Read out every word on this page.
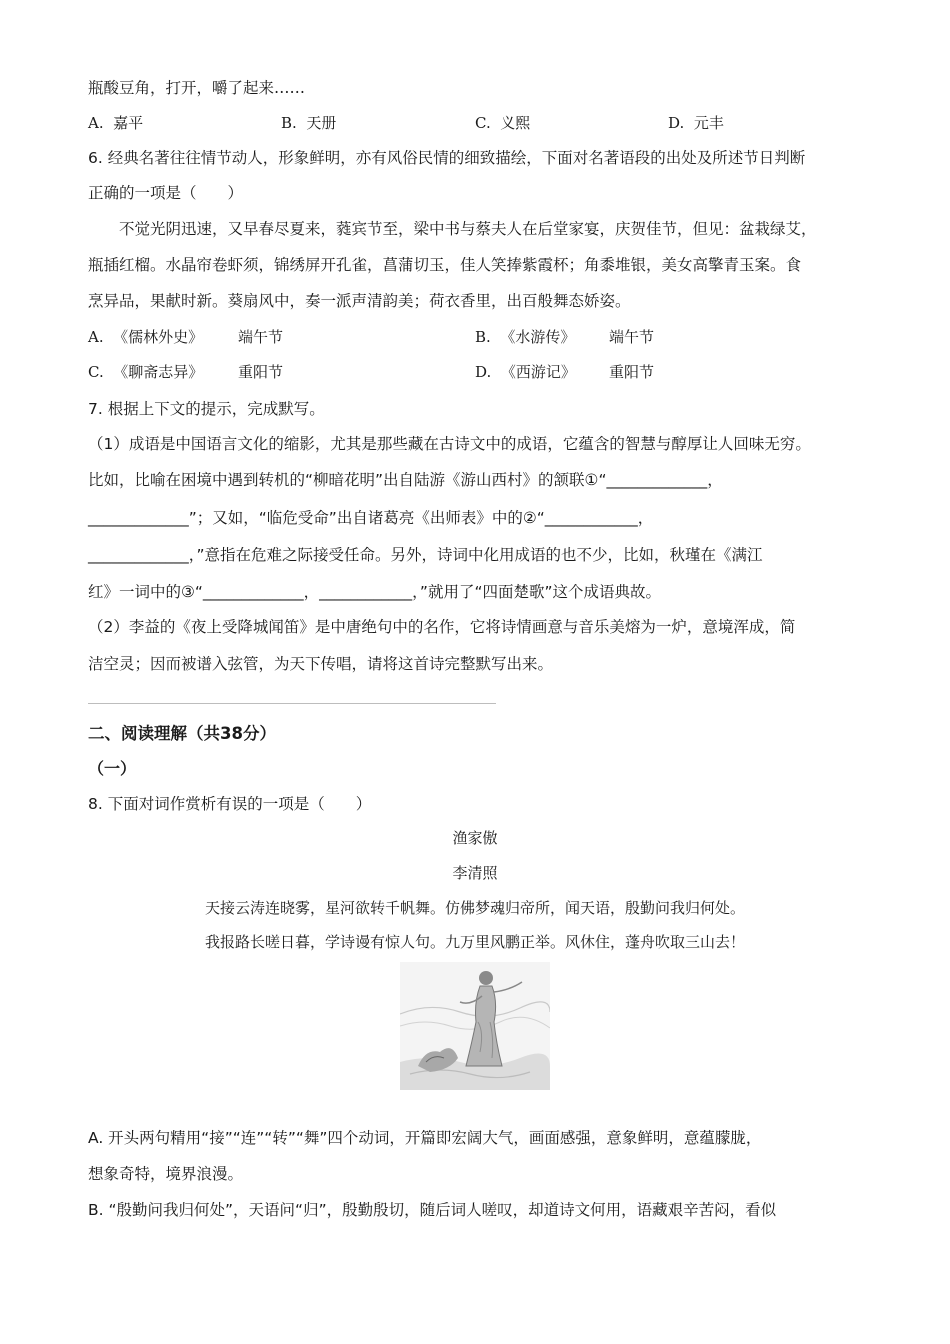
瓶酸豆角，打开，嚼了起来……
A. 嘉平	B. 天册	C. 义熙	D. 元丰
6. 经典名著往往情节动人，形象鲜明，亦有风俗民情的细致描绘，下面对名著语段的出处及所述节日判断
正确的一项是（　　）
不觉光阴迅速，又早春尽夏来，蕤宾节至，梁中书与蔡夫人在后堂家宴，庆贺佳节，但见：盆栽绿艾，
瓶插红榴。水晶帘卷虾须，锦绣屏开孔雀，菖蒲切玉，佳人笑捧紫霞杯；角黍堆银，美女高擎青玉案。食
烹异品，果献时新。葵扇风中，奏一派声清韵美；荷衣香里，出百般舞态娇姿。
A. 《儒林外史》 端午节	B. 《水游传》 端午节
C. 《聊斋志异》 重阳节	D. 《西游记》 重阳节
7. 根据上下文的提示，完成默写。
（1）成语是中国语言文化的缩影，尤其是那些藏在古诗文中的成语，它蕴含的智慧与醇厚让人回味无穷。
比如，比喻在困境中遇到转机的“柳暗花明”出自陆游《游山西村》的颔联①“_____________，
_____________”；又如，“临危受命”出自诸葛亮《出师表》中的②“____________，
_____________，”意指在危难之际接受任命。另外，诗词中化用成语的也不少，比如，秋瑾在《满江
红》一词中的③“_____________，____________，”就用了“四面楚歌”这个成语典故。
（2）李益的《夜上受降城闻笛》是中唐绝句中的名作，它将诗情画意与音乐美熔为一炉，意境浑成，简
洁空灵；因而被谱入弦管，为天下传唱，请将这首诗完整默写出来。
二、阅读理解（共38分）
（一）
8. 下面对词作赏析有误的一项是（　　）
渔家傲
李清照
天接云涛连晓雾，星河欲转千帆舞。仿佛梦魂归帝所，闻天语，殷勤问我归何处。
我报路长嗟日暮，学诗谩有惊人句。九万里风鹏正举。风休住，蓬舟吹取三山去！
A. 开头两句精用“接”“连”“转”“舞”四个动词，开篇即宏阔大气，画面感强，意象鲜明，意蕴朦胧，
想象奇特，境界浪漫。
B. “殷勤问我归何处”，天语问“归”，殷勤殷切，随后词人嗟叹，却道诗文何用，语藏艰辛苦闷，看似
